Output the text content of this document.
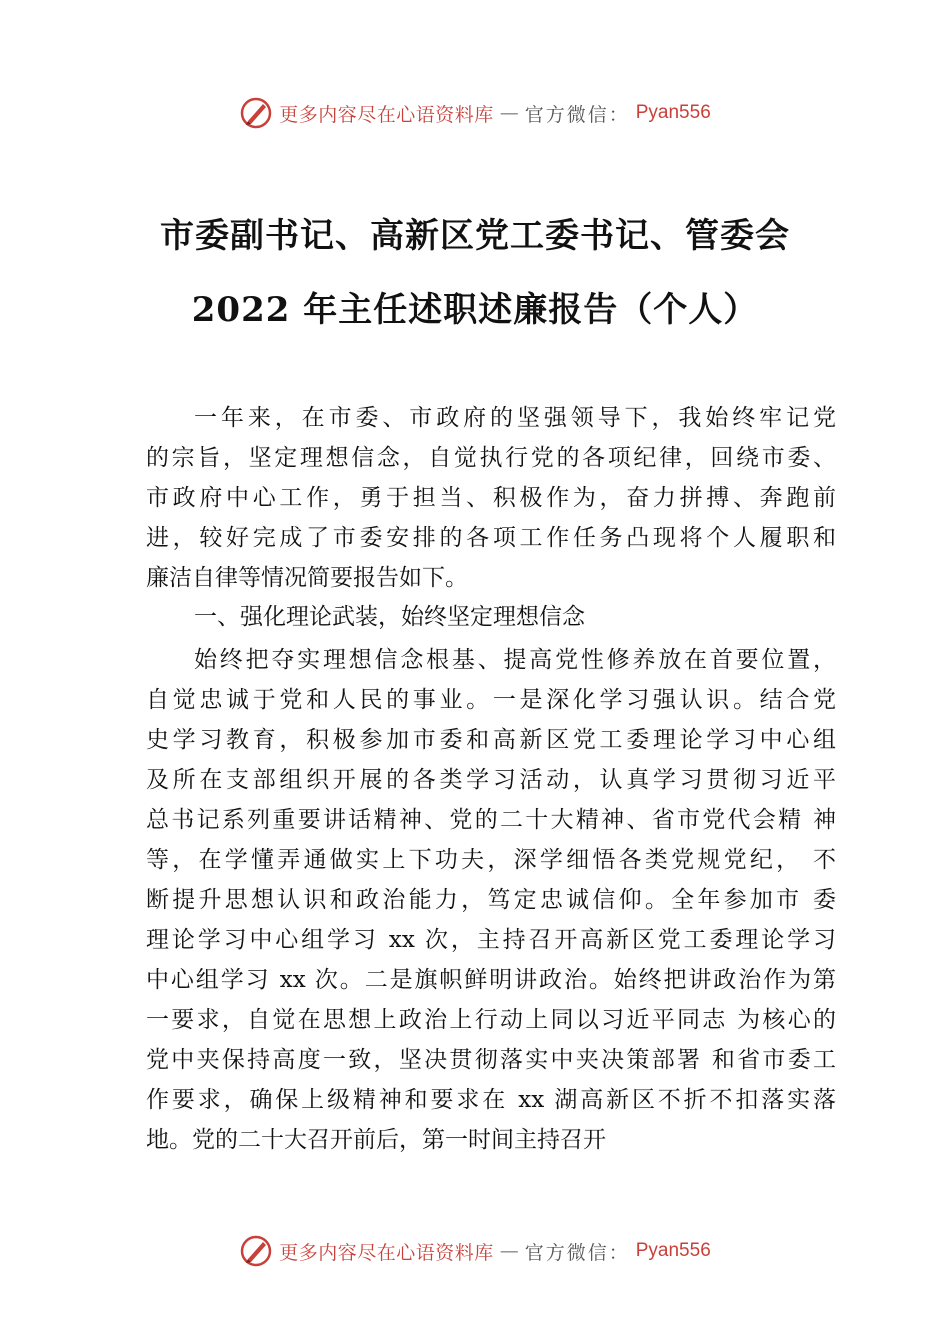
更多内容尽在心语资料库 — 官方微信： Pyan556
市委副书记、高新区党工委书记、管委会
2022 年主任述职述廉报告（个人）
一年来，在市委、市政府的坚强领导下，我始终牢记党
的宗旨，坚定理想信念，自觉执行党的各项纪律，回绕市委、
市政府中心工作，勇于担当、积极作为，奋力拼搏、奔跑前
进，较好完成了市委安排的各项工作任务凸现将个人履职和
廉洁自律等情况简要报告如下。
一、强化理论武装，始终坚定理想信念
始终把夺实理想信念根基、提高党性修养放在首要位置，
自觉忠诚于党和人民的事业。一是深化学习强认识。结合党
史学习教育，积极参加市委和高新区党工委理论学习中心组
及所在支部组织开展的各类学习活动，认真学习贯彻习近平
总书记系列重要讲话精神、党的二十大精神、省市党代会精 神
等，在学懂弄通做实上下功夫，深学细悟各类党规党纪， 不
断提升思想认识和政治能力，笃定忠诚信仰。全年参加市 委
理论学习中心组学习 xx 次，主持召开高新区党工委理论学习
中心组学习 xx 次。二是旗帜鲜明讲政治。始终把讲政治作为第
一要求，自觉在思想上政治上行动上同以习近平同志 为核心的
党中夹保持高度一致，坚决贯彻落实中夹决策部署 和省市委工
作要求，确保上级精神和要求在 xx 湖高新区不折不扣落实落
地。党的二十大召开前后，第一时间主持召开
更多内容尽在心语资料库 — 官方微信： Pyan556
